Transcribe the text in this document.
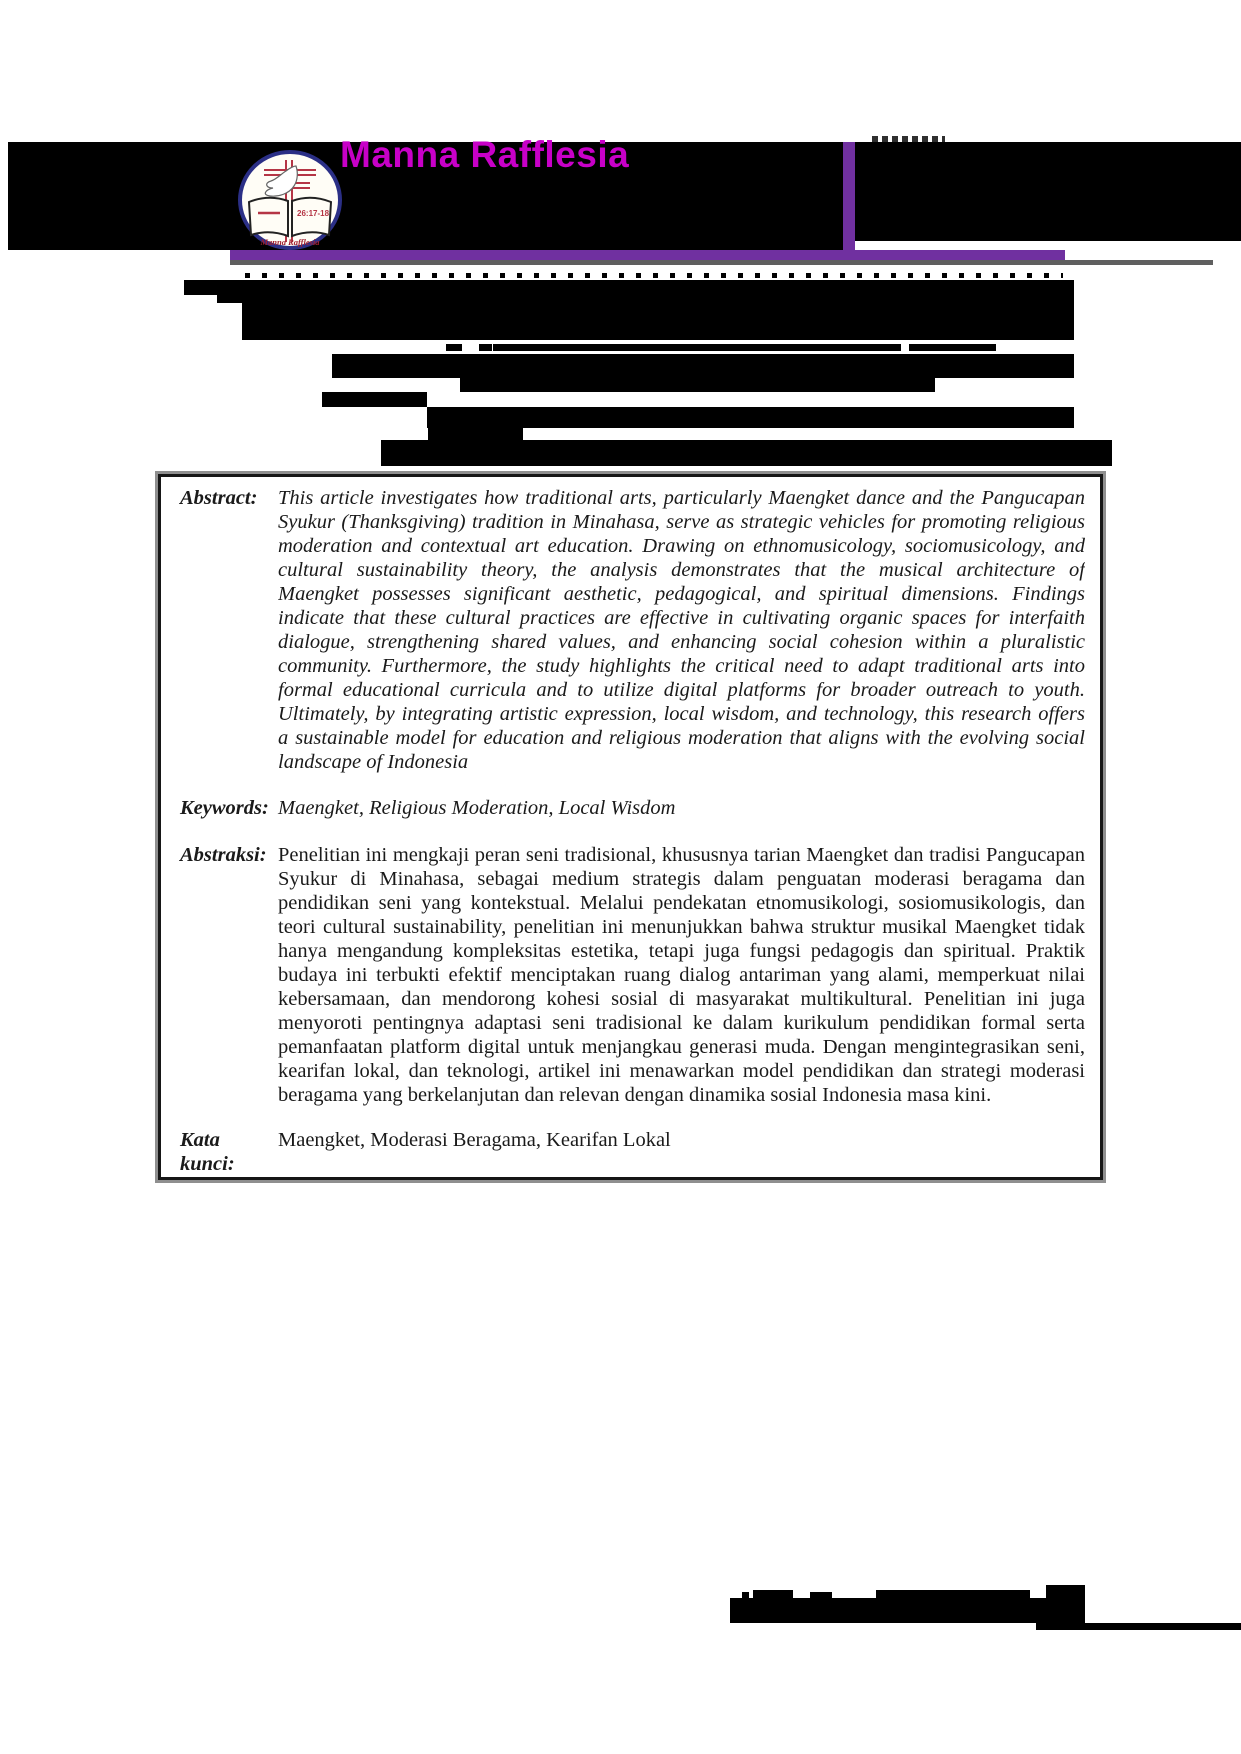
Manna Rafflesia
26:17-18
Manna Rafflesia
Abstract:	This article investigates how traditional arts, particularly Maengket dance and the Pangucapan
Syukur (Thanksgiving) tradition in Minahasa, serve as strategic vehicles for promoting religious
moderation and contextual art education. Drawing on ethnomusicology, sociomusicology, and
cultural sustainability theory, the analysis demonstrates that the musical architecture of
Maengket possesses significant aesthetic, pedagogical, and spiritual dimensions. Findings
indicate that these cultural practices are effective in cultivating organic spaces for interfaith
dialogue, strengthening shared values, and enhancing social cohesion within a pluralistic
community. Furthermore, the study highlights the critical need to adapt traditional arts into
formal educational curricula and to utilize digital platforms for broader outreach to youth.
Ultimately, by integrating artistic expression, local wisdom, and technology, this research offers
a sustainable model for education and religious moderation that aligns with the evolving social
landscape of Indonesia
Keywords: Maengket, Religious Moderation, Local Wisdom
Abstraksi: Penelitian ini mengkaji peran seni tradisional, khususnya tarian Maengket dan tradisi Pangucapan
Syukur di Minahasa, sebagai medium strategis dalam penguatan moderasi beragama dan
pendidikan seni yang kontekstual. Melalui pendekatan etnomusikologi, sosiomusikologis, dan
teori cultural sustainability, penelitian ini menunjukkan bahwa struktur musikal Maengket tidak
hanya mengandung kompleksitas estetika, tetapi juga fungsi pedagogis dan spiritual. Praktik
budaya ini terbukti efektif menciptakan ruang dialog antariman yang alami, memperkuat nilai
kebersamaan, dan mendorong kohesi sosial di masyarakat multikultural. Penelitian ini juga
menyoroti pentingnya adaptasi seni tradisional ke dalam kurikulum pendidikan formal serta
pemanfaatan platform digital untuk menjangkau generasi muda. Dengan mengintegrasikan seni,
kearifan lokal, dan teknologi, artikel ini menawarkan model pendidikan dan strategi moderasi
beragama yang berkelanjutan dan relevan dengan dinamika sosial Indonesia masa kini.
Kata kunci:
Maengket, Moderasi Beragama, Kearifan Lokal
